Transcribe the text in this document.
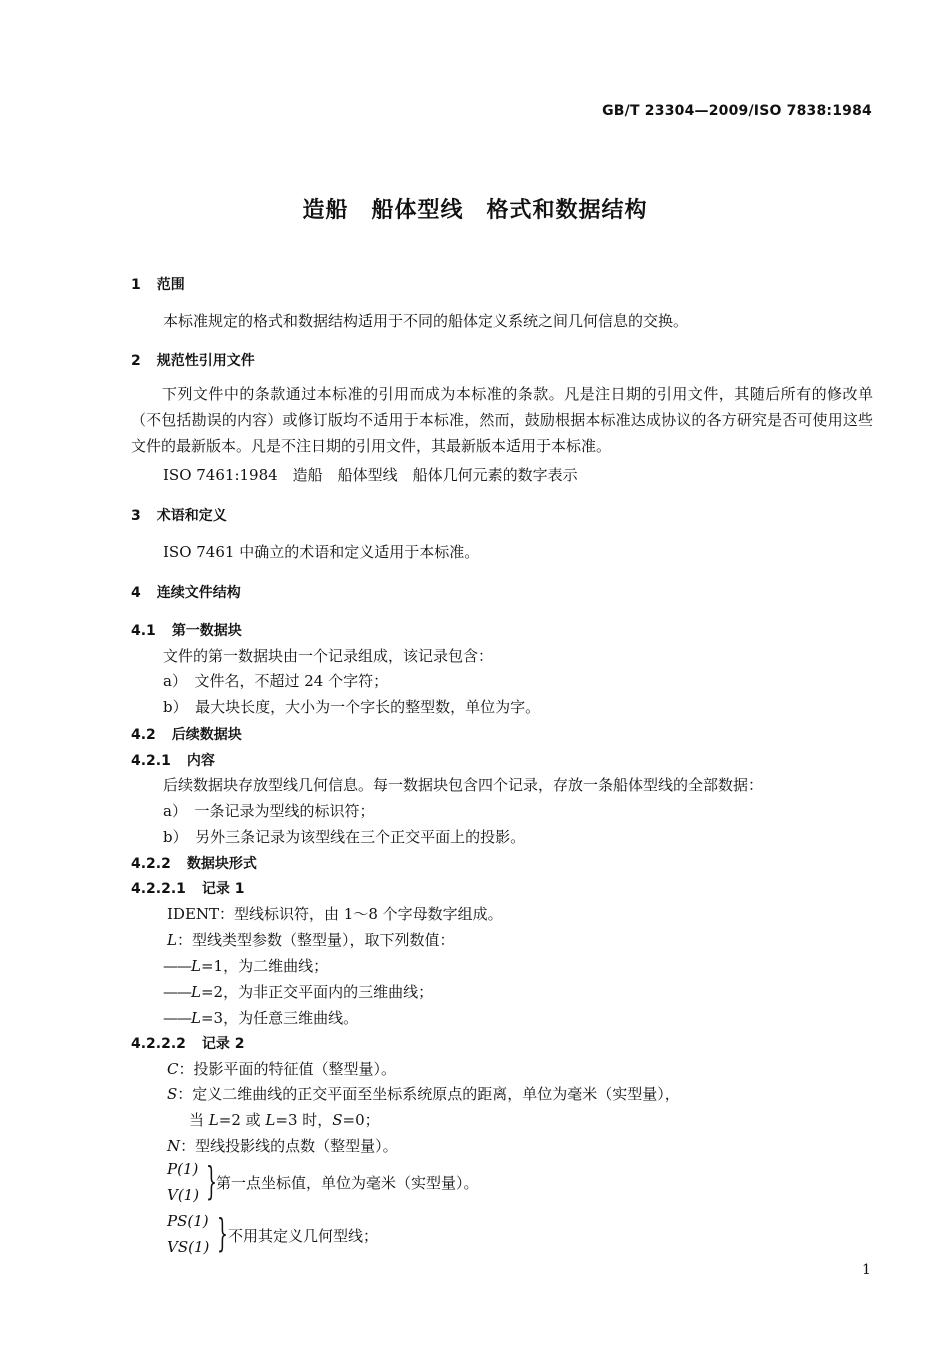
GB/T 23304—2009/ISO 7838:1984
造船　船体型线　格式和数据结构
1 范围
本标准规定的格式和数据结构适用于不同的船体定义系统之间几何信息的交换。
2 规范性引用文件
下列文件中的条款通过本标准的引用而成为本标准的条款。凡是注日期的引用文件，其随后所有的修改单（不包括勘误的内容）或修订版均不适用于本标准，然而，鼓励根据本标准达成协议的各方研究是否可使用这些文件的最新版本。凡是不注日期的引用文件，其最新版本适用于本标准。
ISO 7461:1984　造船　船体型线　船体几何元素的数字表示
3 术语和定义
ISO 7461 中确立的术语和定义适用于本标准。
4 连续文件结构
4.1 第一数据块
文件的第一数据块由一个记录组成，该记录包含：
a）　文件名，不超过 24 个字符；
b）　最大块长度，大小为一个字长的整型数，单位为字。
4.2 后续数据块
4.2.1 内容
后续数据块存放型线几何信息。每一数据块包含四个记录，存放一条船体型线的全部数据：
a）　一条记录为型线的标识符；
b）　另外三条记录为该型线在三个正交平面上的投影。
4.2.2 数据块形式
4.2.2.1 记录 1
IDENT：型线标识符，由 1～8 个字母数字组成。
L：型线类型参数（整型量），取下列数值：
——L=1，为二维曲线；
——L=2，为非正交平面内的三维曲线；
——L=3，为任意三维曲线。
4.2.2.2 记录 2
C：投影平面的特征值（整型量）。
S：定义二维曲线的正交平面至坐标系统原点的距离，单位为毫米（实型量），
当 L=2 或 L=3 时，S=0；
N：型线投影线的点数（整型量）。
P(1)
V(1) } 第一点坐标值，单位为毫米（实型量）。
PS(1)
VS(1) } 不用其定义几何型线；
1
